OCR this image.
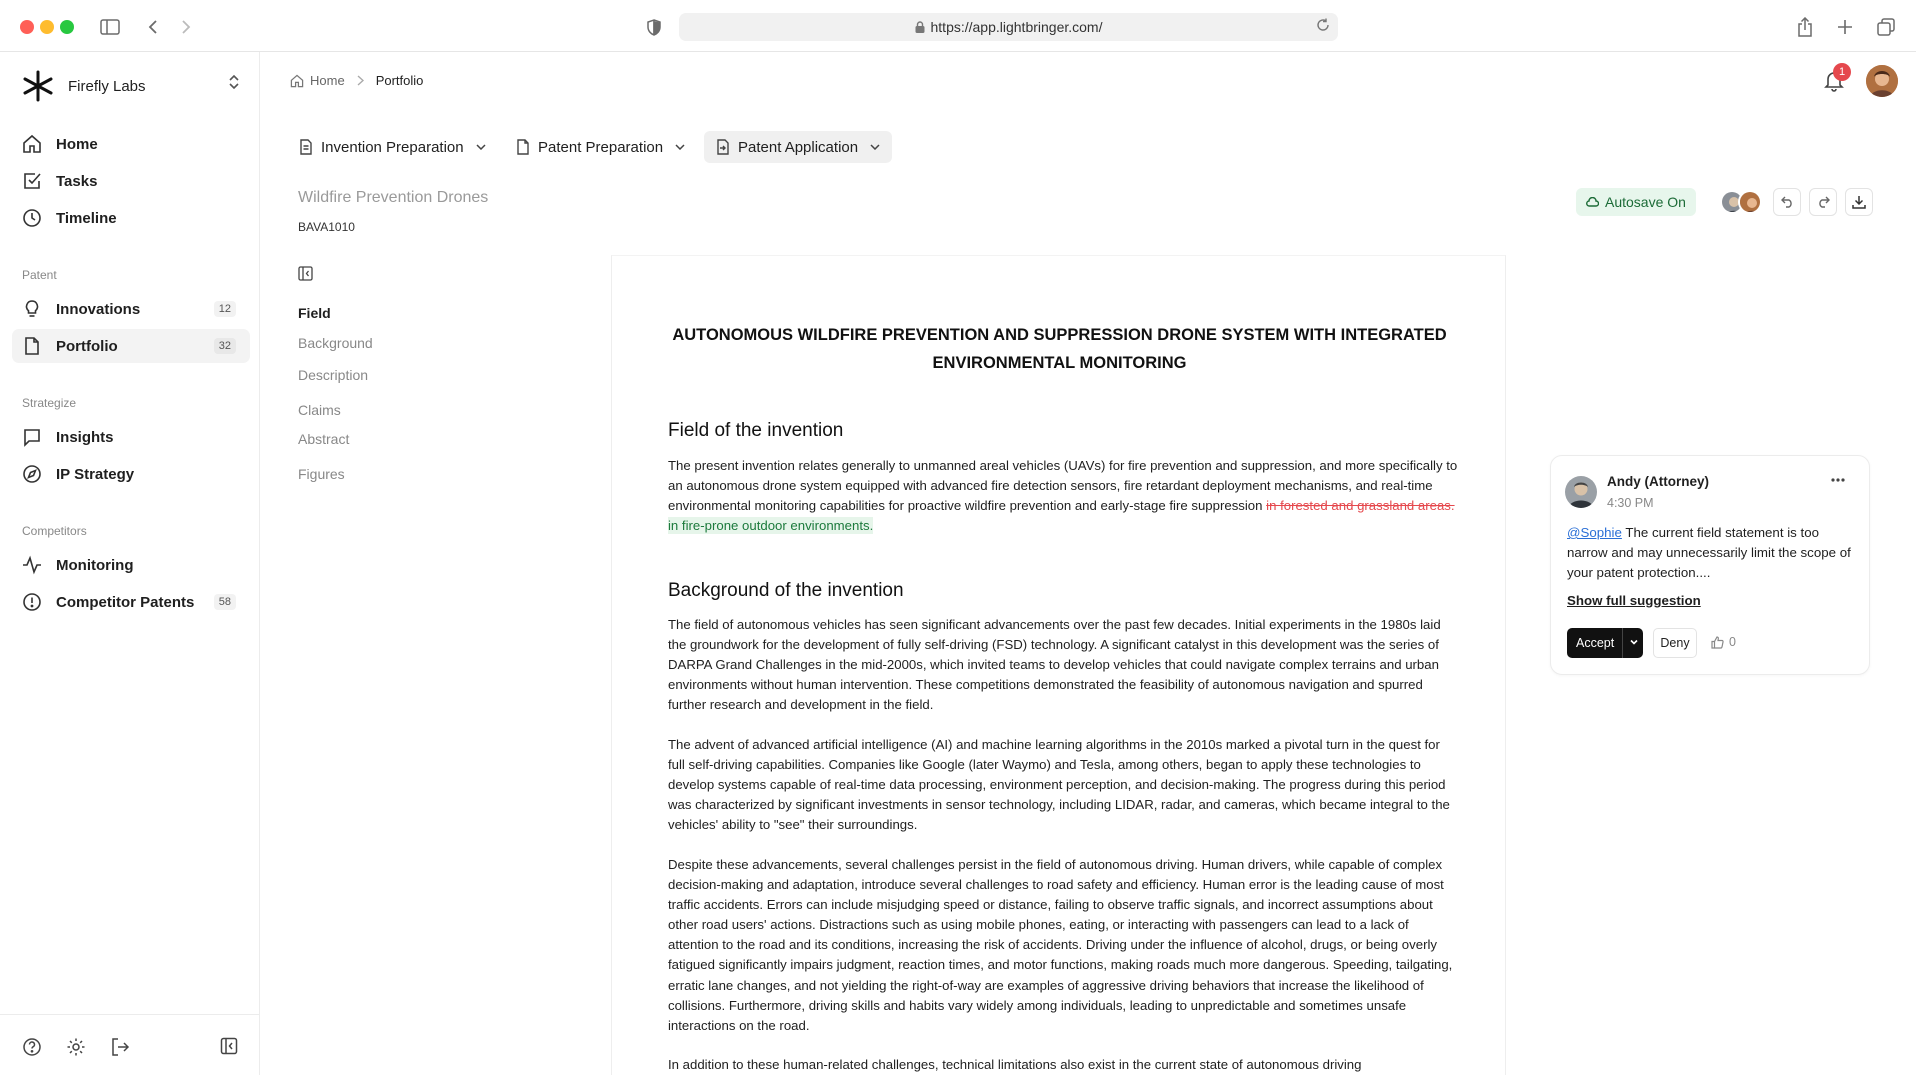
https://app.lightbringer.com/
Firefly Labs
Home
Tasks
Timeline
Patent
Innovations	12
Portfolio	32
Strategize
Insights
IP Strategy
Competitors
Monitoring
Competitor Patents	58
Home Portfolio
1
Invention Preparation	Patent Preparation	Patent Application
Wildfire Prevention Drones
BAVA1010
Autosave On
Field
Background
Description
Claims
Abstract
Figures
AUTONOMOUS WILDFIRE PREVENTION AND SUPPRESSION DRONE SYSTEM WITH INTEGRATED ENVIRONMENTAL MONITORING
Field of the invention
The present invention relates generally to unmanned areal vehicles (UAVs) for fire prevention and suppression, and more specifically to an autonomous drone system equipped with advanced fire detection sensors, fire retardant deployment mechanisms, and real-time environmental monitoring capabilities for proactive wildfire prevention and early-stage fire suppression in forested and grassland areas. in fire-prone outdoor environments.
Background of the invention
The field of autonomous vehicles has seen significant advancements over the past few decades. Initial experiments in the 1980s laid the groundwork for the development of fully self-driving (FSD) technology. A significant catalyst in this development was the series of DARPA Grand Challenges in the mid-2000s, which invited teams to develop vehicles that could navigate complex terrains and urban environments without human intervention. These competitions demonstrated the feasibility of autonomous navigation and spurred further research and development in the field.
The advent of advanced artificial intelligence (AI) and machine learning algorithms in the 2010s marked a pivotal turn in the quest for full self-driving capabilities. Companies like Google (later Waymo) and Tesla, among others, began to apply these technologies to develop systems capable of real-time data processing, environment perception, and decision-making. The progress during this period was characterized by significant investments in sensor technology, including LIDAR, radar, and cameras, which became integral to the vehicles' ability to "see" their surroundings.
Despite these advancements, several challenges persist in the field of autonomous driving. Human drivers, while capable of complex decision-making and adaptation, introduce several challenges to road safety and efficiency. Human error is the leading cause of most traffic accidents. Errors can include misjudging speed or distance, failing to observe traffic signals, and incorrect assumptions about other road users' actions. Distractions such as using mobile phones, eating, or interacting with passengers can lead to a lack of attention to the road and its conditions, increasing the risk of accidents. Driving under the influence of alcohol, drugs, or being overly fatigued significantly impairs judgment, reaction times, and motor functions, making roads much more dangerous. Speeding, tailgating, erratic lane changes, and not yielding the right-of-way are examples of aggressive driving behaviors that increase the likelihood of collisions. Furthermore, driving skills and habits vary widely among individuals, leading to unpredictable and sometimes unsafe interactions on the road.
In addition to these human-related challenges, technical limitations also exist in the current state of autonomous driving
Andy (Attorney)
4:30 PM
@Sophie The current field statement is too narrow and may unnecessarily limit the scope of your patent protection....
Show full suggestion
Accept	Deny	0
